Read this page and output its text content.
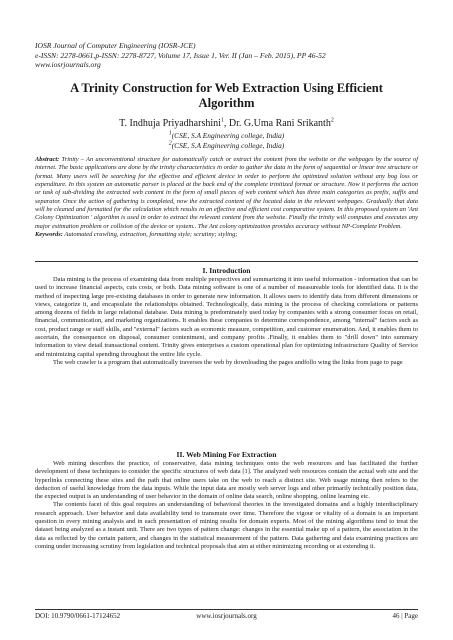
IOSR Journal of Computer Engineering (IOSR-JCE)
e-ISSN: 2278-0661,p-ISSN: 2278-8727, Volume 17, Issue 1, Ver. II (Jan – Feb. 2015), PP 46-52
www.iosrjournals.org
A Trinity Construction for Web Extraction Using Efficient
Algorithm
T. Indhuja Priyadharshini$^1$, Dr. G.Uma Rani Srikanth$^2$
$^1$(CSE, S.A Engineering college, India)
$^2$(CSE, S.A Engineering college, India)
Abstract: Trinity – An unconventional structure for automatically catch or extract the content from the website or the webpages by the source of internet. The basic applications are done by the trinity characteristics in order to gather the data in the form of sequential or linear tree structure or format. Many users will be searching for the effective and efficient device in order to perform the optimized solution without any bog loss or expenditure. In this system an automatic parser is placed at the back end of the complete trinitized format or structure. Now it performs the action or task of sub-dividing the extracted web content in the form of small pieces of web content which has three main categories as prefix, suffix and separator. Once the action of gathering is completed, now the extracted content of the located data in the relevant webpages. Gradually that data will be cleaned and formatted for the calculation which results in an effective and efficient cost comparative system. In this proposed system an 'Ant Colony Optimization ' algorithm is used in order to extract the relevant content from the website. Finally the trinity will computes and executes any major estimation problem or collision of the device or system.. The Ant colony optimization provides accuracy without NP-Complete Problem.
Keywords: Automated crawling, extraction, formatting style; scrutiny; styling;
I. Introduction

Data mining is the process of examining data from multiple perspectives and summarizing it into useful information - information that can be used to increase financial aspects, cuts costs, or both. Data mining software is one of a number of measureable tools for identified data. It is the method of inspecting large pre-existing databases in order to generate new information. It allows users to identify data from different dimensions or views, categorize it, and encapsulate the relationships obtained. Technologically, data mining is the process of checking correlations or patterns among dozens of fields in large relational database. Data mining is predominately used today by companies with a strong consumer focus on retail, financial, communication, and marketing organizations. It enables these companies to determine correspondence, among "internal" factors such as cost, product range or staff skills, and "external" factors such as economic measure, competition, and customer enumeration. And, it enables them to ascertain, the consequence on disposal, consumer contentment, and company profits .Finally, it enables them to "drill down" into summary information to view detail transactional content. Trinity gives enterprises a custom operational plan for optimizing infrastructure Quality of Service and minimizing capital spending throughout the entire life cycle.

The web crawler is a program that automatically traverses the web by downloading the pages andfollo wing the links from page to page

II. Web Mining For Extraction

Web mining describes the practice, of conservative, data mining techniques onto the web resources and has facilitated the further development of these techniques to consider the specific structures of web data [1]. The analyzed web resources contain the actual web site and the hyperlinks connecting these sites and the path that online users take on the web to reach a distinct site. Web usage mining then refers to the deduction of useful knowledge from the data inputs. While the input data are mostly web server logs and other primarily technically position data, the expected output is an understanding of user behavior in the domain of online data search, online shopping, online learning etc.

The contents facet of this goal requires an understanding of behavioral theories in the investigated domains and a highly interdisciplinary research approach. User behavior and data availability tend to transmute over time. Therefore the vigour or vitality of a domain is an important question in every mining analysis and in each presentation of mining results for domain experts. Most of the mining algorithms tend to treat the dataset being analyzed as a instant unit. There are two types of pattern change: changes in the essential make up of a pattern, the association in the data as reflected by the certain pattern, and changes in the statistical measurement of the pattern. Data gathering and data examining practices are coming under increasing scrutiny from legislation and technical proposals that aim at either minimizing recording or at extending it.

DOI: 10.9790/0661-17124652	www.iosrjournals.org	46 | Page
